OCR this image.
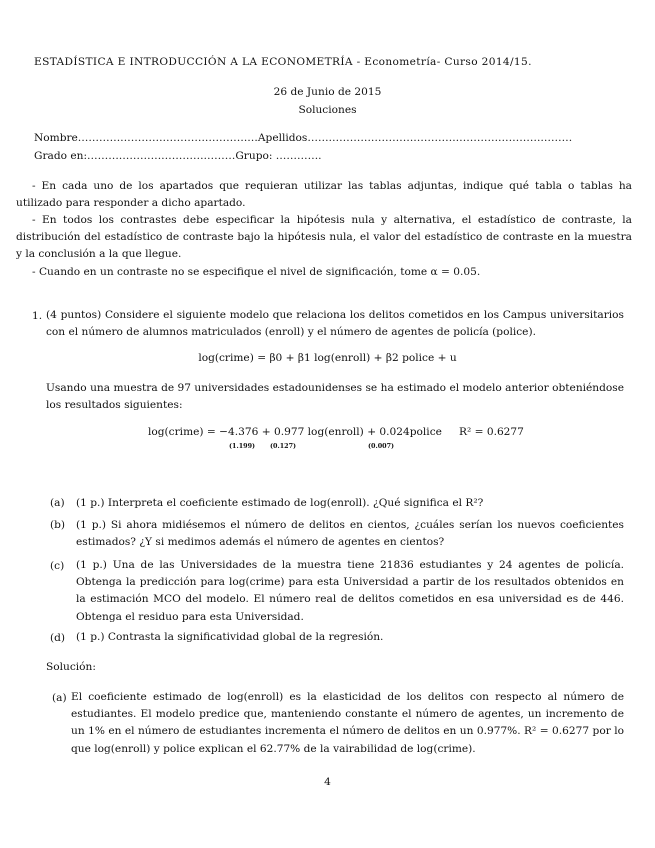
ESTADÍSTICA E INTRODUCCIÓN A LA ECONOMETRÍA - Econometría- Curso 2014/15.
26 de Junio de 2015
Soluciones
Nombre……………………………………………Apellidos…………………………………………………………………
Grado en:……………………………………Grupo: ………….
- En cada uno de los apartados que requieran utilizar las tablas adjuntas, indique qué tabla o tablas ha utilizado para responder a dicho apartado.
- En todos los contrastes debe especificar la hipótesis nula y alternativa, el estadístico de contraste, la distribución del estadístico de contraste bajo la hipótesis nula, el valor del estadístico de contraste en la muestra y la conclusión a la que llegue.
- Cuando en un contraste no se especifique el nivel de significación, tome α = 0.05.
1. (4 puntos) Considere el siguiente modelo que relaciona los delitos cometidos en los Campus universitarios con el número de alumnos matriculados (enroll) y el número de agentes de policía (police).
log(crime) = β0 + β1 log(enroll) + β2 police + u
Usando una muestra de 97 universidades estadounidenses se ha estimado el modelo anterior obteniéndose los resultados siguientes:
log(crime) = −4.376 + 0.977 log(enroll) + 0.024police
(1.199) (0.127)	(0.007)
R² = 0.6277
(a) (1 p.) Interpreta el coeficiente estimado de log(enroll). ¿Qué significa el R²?
(b) (1 p.) Si ahora midiésemos el número de delitos en cientos, ¿cuáles serían los nuevos coeficientes estimados? ¿Y si medimos además el número de agentes en cientos?
(c) (1 p.) Una de las Universidades de la muestra tiene 21836 estudiantes y 24 agentes de policía. Obtenga la predicción para log(crime) para esta Universidad a partir de los resultados obtenidos en la estimación MCO del modelo. El número real de delitos cometidos en esa universidad es de 446. Obtenga el residuo para esta Universidad.
(d) (1 p.) Contrasta la significatividad global de la regresión.
Solución:
(a) El coeficiente estimado de log(enroll) es la elasticidad de los delitos con respecto al número de estudiantes. El modelo predice que, manteniendo constante el número de agentes, un incremento de un 1% en el número de estudiantes incrementa el número de delitos en un 0.977%. R² = 0.6277 por lo que log(enroll) y police explican el 62.77% de la vairabilidad de log(crime).
4
